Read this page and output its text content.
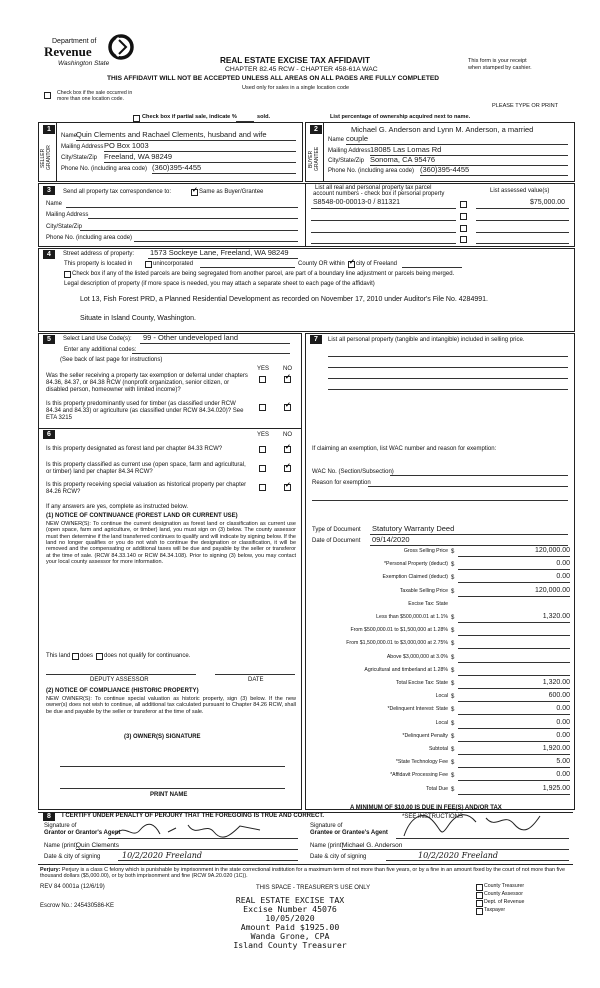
Department of
Revenue
Washington State	REAL ESTATE EXCISE TAX AFFIDAVIT
CHAPTER 82.45 RCW - CHAPTER 458-61A WAC
THIS AFFIDAVIT WILL NOT BE ACCEPTED UNLESS ALL AREAS ON ALL PAGES ARE FULLY COMPLETED
Used only for sales in a single location code
This form is your receipt
when stamped by cashier.
Check box if the sale occurred in
more than one location code.
PLEASE TYPE OR PRINT
Check box if partial sale, indicate %	sold.	List percentage of ownership acquired next to name.
1
SELLER GRANTOR
Name
Quin Clements and Rachael Clements, husband and wife
Mailing Address PO Box 1003
City/State/Zip Freeland, WA 98249
Phone No. (including area code) (360)395-4455
2
BUYER GRANTEE
Michael G. Anderson and Lynn M. Anderson, a married
Name couple
Mailing Address 18085 Las Lomas Rd
City/State/Zip Sonoma, CA 95476
Phone No. (including area code) (360)395-4455
3	Send all property tax correspondence to: ✓	Same as Buyer/Grantee
Name
Mailing Address
City/State/Zip
Phone No. (including area code)
List all real and personal property tax parcel
account numbers - check box if personal property	List assessed value(s)
S8548-00-00013-0 / 811321	$75,000.00
4	Street address of property: 1573 Sockeye Lane, Freeland, WA 98249
This property is located in	unincorporated	County OR within ✓ city of Freeland
Check box if any of the listed parcels are being segregated from another parcel, are part of a boundary line adjustment or parcels being merged.
Legal description of property (if more space is needed, you may attach a separate sheet to each page of the affidavit)
Lot 13, Fish Forest PRD, a Planned Residential Development as recorded on November 17, 2010 under Auditor's File No. 4284991.
Situate in Island County, Washington.
5	Select Land Use Code(s): 99 - Other undeveloped land
Enter any additional codes:
(See back of last page for instructions)
YES NO
Was the seller receiving a property tax exemption or deferral under chapters 84.36, 84.37, or 84.38 RCW (nonprofit organization, senior citizen, or disabled person, homeowner with limited income)?
✓
Is this property predominantly used for timber (as classified under RCW 84.34 and 84.33) or agriculture (as classified under RCW 84.34.020)? See ETA 3215
✓
6	YES NO
Is this property designated as forest land per chapter 84.33 RCW?
✓
Is this property classified as current use (open space, farm and agricultural, or timber) land per chapter 84.34 RCW?
✓
Is this property receiving special valuation as historical property per chapter 84.26 RCW?
✓
If any answers are yes, complete as instructed below.
(1) NOTICE OF CONTINUANCE (FOREST LAND OR CURRENT USE)
NEW OWNER(S): To continue the current designation as forest land or classification as current use (open space, farm and agriculture, or timber) land, you must sign on (3) below. The county assessor must then determine if the land transferred continues to qualify and will indicate by signing below. If the land no longer qualifies or you do not wish to continue the designation or classification, it will be removed and the compensating or additional taxes will be due and payable by the seller or transferor at the time of sale. (RCW 84.33.140 or RCW 84.34.108). Prior to signing (3) below, you may contact your local county assessor for more information.
This land does does not qualify for continuance.
DEPUTY ASSESSOR	DATE
(2) NOTICE OF COMPLIANCE (HISTORIC PROPERTY)
NEW OWNER(S): To continue special valuation as historic property, sign (3) below. If the new owner(s) does not wish to continue, all additional tax calculated pursuant to Chapter 84.26 RCW, shall be due and payable by the seller or transferor at the time of sale.
(3) OWNER(S) SIGNATURE
PRINT NAME
7	List all personal property (tangible and intangible) included in selling price.
If claiming an exemption, list WAC number and reason for exemption:
WAC No. (Section/Subsection)
Reason for exemption
Type of Document Statutory Warranty Deed
Date of Document 09/14/2020
Gross Selling Price $	120,000.00
*Personal Property (deduct) $	0.00
Exemption Claimed (deduct) $	0.00
Taxable Selling Price $	120,000.00
Excise Tax: State
Less than $500,000.01 at 1.1% $	1,320.00
From $500,000.01 to $1,500,000 at 1.28% $
From $1,500,000.01 to $3,000,000 at 2.75% $
Above $3,000,000 at 3.0% $
Agricultural and timberland at 1.28% $
Total Excise Tax: State $	1,320.00
Local $	600.00
*Delinquent Interest: State $	0.00
Local $	0.00
*Delinquent Penalty $	0.00
Subtotal $	1,920.00
*State Technology Fee $	5.00
*Affidavit Processing Fee $	0.00
Total Due $	1,925.00
A MINIMUM OF $10.00 IS DUE IN FEE(S) AND/OR TAX
*SEE INSTRUCTIONS
8	I CERTIFY UNDER PENALTY OF PERJURY THAT THE FOREGOING IS TRUE AND CORRECT.
Signature of
Grantor or Grantor's Agent
Name (print)
Quin Clements
Date & city of signing	10/2/2020 Freeland
Signature of
Grantee or Grantee's Agent
Name (print)
Michael G. Anderson
Date & city of signing	10/2/2020 Freeland
Perjury: Perjury is a class C felony which is punishable by imprisonment in the state correctional institution for a maximum term of not more than five years, or by a fine in an amount fixed by the court of not more than five thousand dollars ($5,000.00), or by both imprisonment and fine (RCW 9A.20.020 (1C)).
REV 84 0001a (12/6/19)	THIS SPACE - TREASURER'S USE ONLY
Escrow No.: 245430586-KE
County Treasurer
County Assessor
Dept. of Revenue
Taxpayer
REAL ESTATE EXCISE TAX
Excise Number 45076
10/05/2020
Amount Paid $1925.00
Wanda Grone, CPA
Island County Treasurer
